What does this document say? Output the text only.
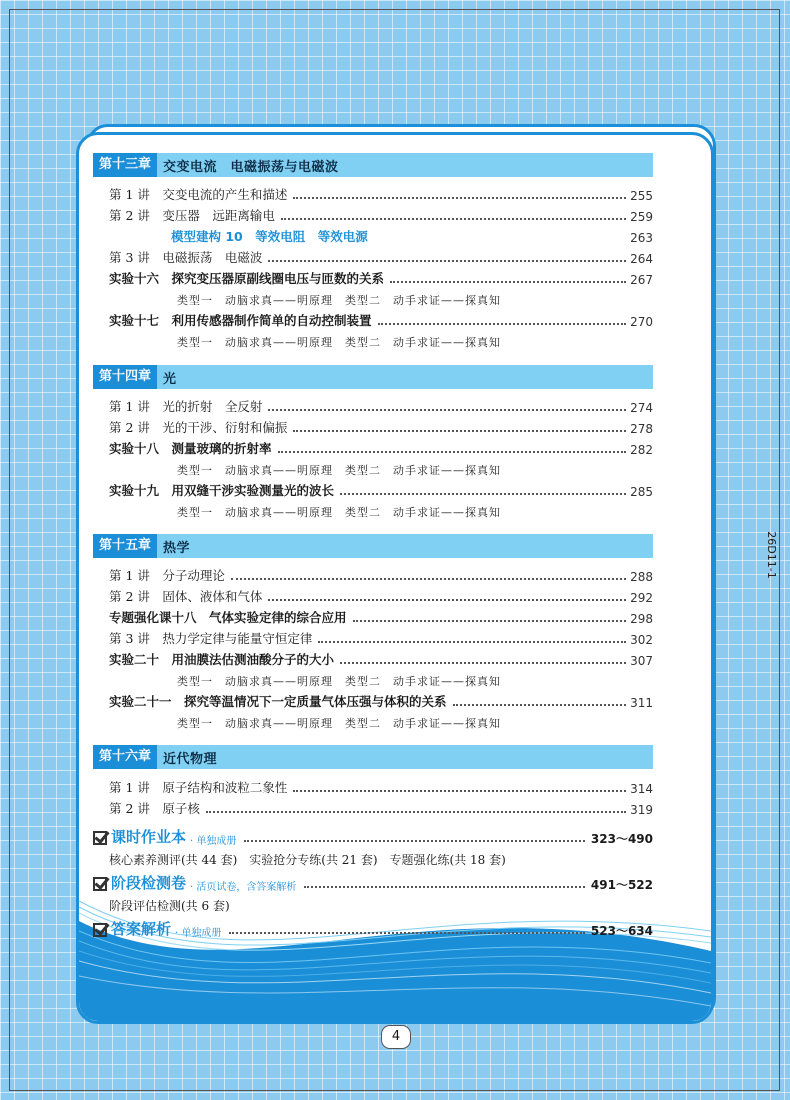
第十三章 交变电流　电磁振荡与电磁波
第 1 讲　交变电流的产生和描述	255
第 2 讲　变压器　远距离输电	259
模型建构 10　等效电阻　等效电源	263
第 3 讲　电磁振荡　电磁波	264
实验十六　探究变压器原副线圈电压与匝数的关系	267
类型一　动脑求真——明原理　类型二　动手求证——探真知
实验十七　利用传感器制作简单的自动控制装置	270
类型一　动脑求真——明原理　类型二　动手求证——探真知
第十四章 光
第 1 讲　光的折射　全反射	274
第 2 讲　光的干涉、衍射和偏振	278
实验十八　测量玻璃的折射率	282
类型一　动脑求真——明原理　类型二　动手求证——探真知
实验十九　用双缝干涉实验测量光的波长	285
类型一　动脑求真——明原理　类型二　动手求证——探真知
第十五章 热学
第 1 讲　分子动理论	288
第 2 讲　固体、液体和气体	292
专题强化课十八　气体实验定律的综合应用	298
第 3 讲　热力学定律与能量守恒定律	302
实验二十　用油膜法估测油酸分子的大小	307
类型一　动脑求真——明原理　类型二　动手求证——探真知
实验二十一　探究等温情况下一定质量气体压强与体积的关系	311
类型一　动脑求真——明原理　类型二　动手求证——探真知
第十六章 近代物理
第 1 讲　原子结构和波粒二象性	314
第 2 讲　原子核	319
课时作业本 · 单独成册	323～490
核心素养测评(共 44 套)　实验抢分专练(共 21 套)　专题强化练(共 18 套)
阶段检测卷 · 活页试卷，含答案解析	491～522
阶段评估检测(共 6 套)
答案解析 · 单独成册	523～634
4
26D11-1
